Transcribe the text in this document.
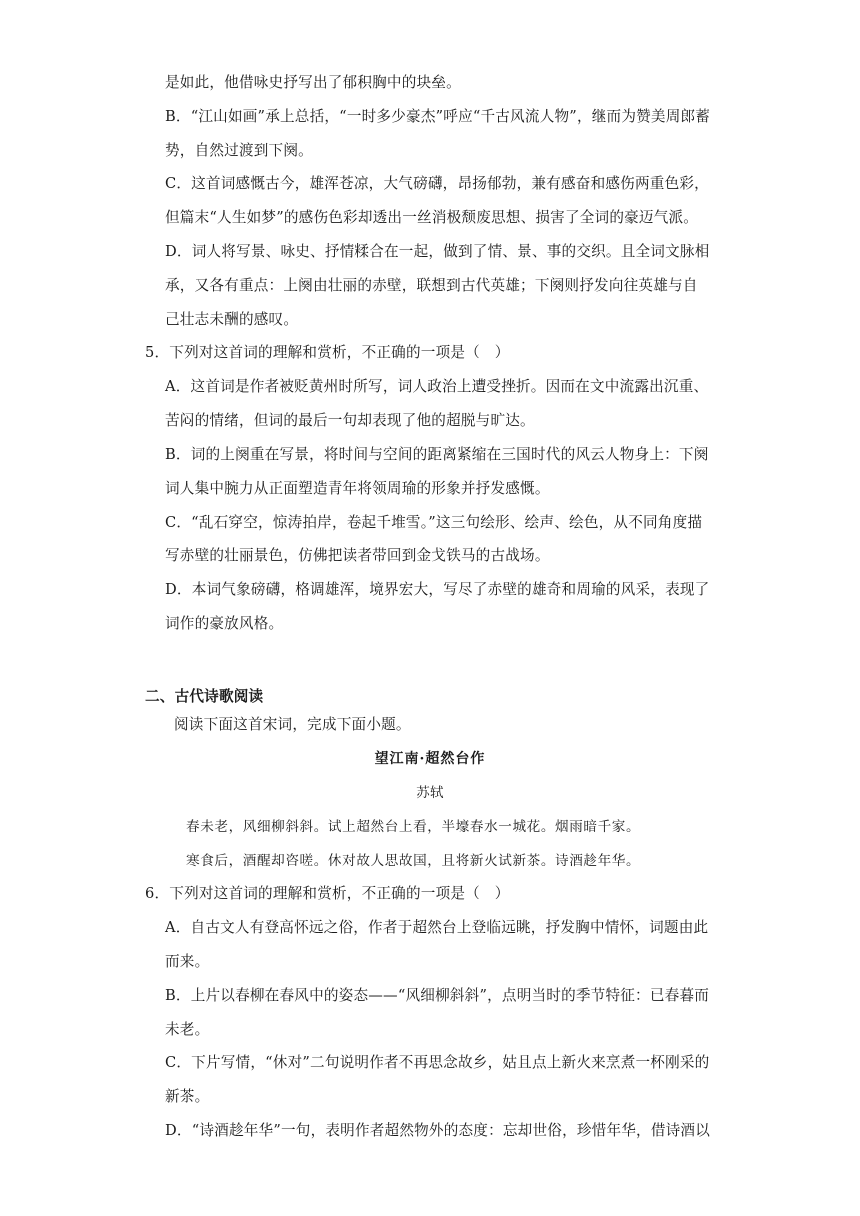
是如此，他借咏史抒写出了郁积胸中的块垒。
B．“江山如画”承上总括，“一时多少豪杰”呼应“千古风流人物”，继而为赞美周郎蓄
势，自然过渡到下阕。
C．这首词感慨古今，雄浑苍凉，大气磅礴，昂扬郁勃，兼有感奋和感伤两重色彩，
但篇末“人生如梦”的感伤色彩却透出一丝消极颓废思想、损害了全词的豪迈气派。
D．词人将写景、咏史、抒情糅合在一起，做到了情、景、事的交织。且全词文脉相
承，又各有重点：上阕由壮丽的赤壁，联想到古代英雄；下阕则抒发向往英雄与自
己壮志未酬的感叹。
5．下列对这首词的理解和赏析，不正确的一项是（　）
A．这首词是作者被贬黄州时所写，词人政治上遭受挫折。因而在文中流露出沉重、
苦闷的情绪，但词的最后一句却表现了他的超脱与旷达。
B．词的上阕重在写景，将时间与空间的距离紧缩在三国时代的风云人物身上：下阕
词人集中腕力从正面塑造青年将领周瑜的形象并抒发感慨。
C．“乱石穿空，惊涛拍岸，卷起千堆雪。”这三句绘形、绘声、绘色，从不同角度描
写赤壁的壮丽景色，仿佛把读者带回到金戈铁马的古战场。
D．本词气象磅礴，格调雄浑，境界宏大，写尽了赤壁的雄奇和周瑜的风采，表现了
词作的豪放风格。
二、古代诗歌阅读
阅读下面这首宋词，完成下面小题。
望江南·超然台作
苏轼
春未老，风细柳斜斜。试上超然台上看，半壕春水一城花。烟雨暗千家。
寒食后，酒醒却咨嗟。休对故人思故国，且将新火试新茶。诗酒趁年华。
6．下列对这首词的理解和赏析，不正确的一项是（　）
A．自古文人有登高怀远之俗，作者于超然台上登临远眺，抒发胸中情怀，词题由此
而来。
B．上片以春柳在春风中的姿态——“风细柳斜斜”，点明当时的季节特征：已春暮而
未老。
C．下片写情，“休对”二句说明作者不再思念故乡，姑且点上新火来烹煮一杯刚采的
新茶。
D．“诗酒趁年华”一句，表明作者超然物外的态度：忘却世俗，珍惜年华，借诗酒以
